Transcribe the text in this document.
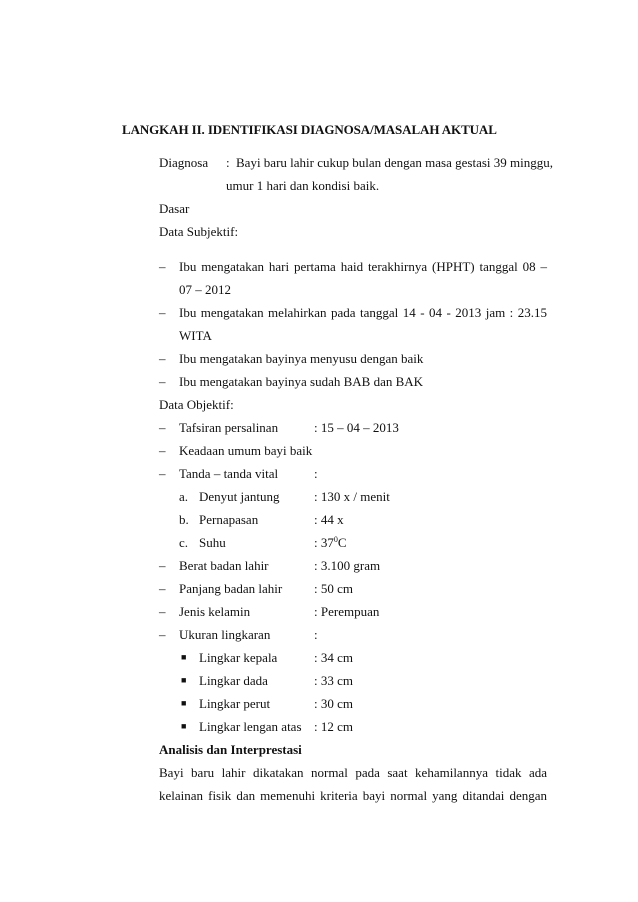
LANGKAH II. IDENTIFIKASI DIAGNOSA/MASALAH AKTUAL
Diagnosa : Bayi baru lahir cukup bulan dengan masa gestasi 39 minggu,
umur 1 hari dan kondisi baik.
Dasar
Data Subjektif:
– Ibu mengatakan hari pertama haid terakhirnya (HPHT) tanggal 08 –
07 – 2012
– Ibu mengatakan melahirkan pada tanggal 14 - 04 - 2013 jam : 23.15
WITA
– Ibu mengatakan bayinya menyusu dengan baik
– Ibu mengatakan bayinya sudah BAB dan BAK
Data Objektif:
– Tafsiran persalinan	: 15 – 04 – 2013
– Keadaan umum bayi baik
– Tanda – tanda vital	:
a. Denyut jantung	: 130 x / menit
b. Pernapasan	: 44 x
c. Suhu	: $37^0C$
– Berat badan lahir	: 3.100 gram
– Panjang badan lahir : 50 cm
– Jenis kelamin	: Perempuan
– Ukuran lingkaran	:
■ Lingkar kepala	: 34 cm
■ Lingkar dada	: 33 cm
■ Lingkar perut	: 30 cm
■ Lingkar lengan atas : 12 cm
Analisis dan Interprestasi
Bayi baru lahir dikatakan normal pada saat kehamilannya tidak ada
kelainan fisik dan memenuhi kriteria bayi normal yang ditandai dengan
